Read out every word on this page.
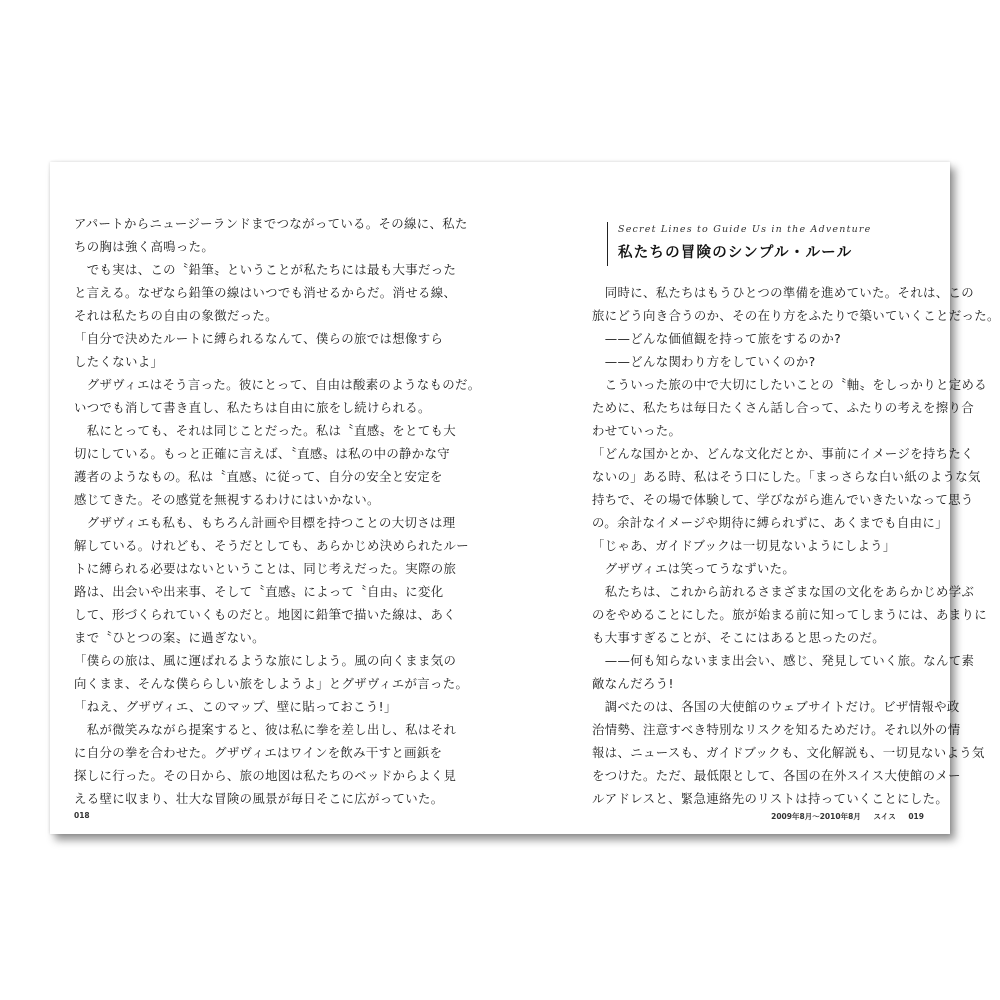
アパートからニュージーランドまでつながっている。その線に、私た
ちの胸は強く高鳴った。
　でも実は、この〝鉛筆〟ということが私たちには最も大事だった
と言える。なぜなら鉛筆の線はいつでも消せるからだ。消せる線、
それは私たちの自由の象徴だった。
「自分で決めたルートに縛られるなんて、僕らの旅では想像すら
したくないよ」
　グザヴィエはそう言った。彼にとって、自由は酸素のようなものだ。
いつでも消して書き直し、私たちは自由に旅をし続けられる。
　私にとっても、それは同じことだった。私は〝直感〟をとても大
切にしている。もっと正確に言えば、〝直感〟は私の中の静かな守
護者のようなもの。私は〝直感〟に従って、自分の安全と安定を
感じてきた。その感覚を無視するわけにはいかない。
　グザヴィエも私も、もちろん計画や目標を持つことの大切さは理
解している。けれども、そうだとしても、あらかじめ決められたルー
トに縛られる必要はないということは、同じ考えだった。実際の旅
路は、出会いや出来事、そして〝直感〟によって〝自由〟に変化
して、形づくられていくものだと。地図に鉛筆で描いた線は、あく
まで〝ひとつの案〟に過ぎない。
「僕らの旅は、風に運ばれるような旅にしよう。風の向くまま気の
向くまま、そんな僕ららしい旅をしようよ」とグザヴィエが言った。
「ねえ、グザヴィエ、このマップ、壁に貼っておこう!」
　私が微笑みながら提案すると、彼は私に拳を差し出し、私はそれ
に自分の拳を合わせた。グザヴィエはワインを飲み干すと画鋲を
探しに行った。その日から、旅の地図は私たちのベッドからよく見
える壁に収まり、壮大な冒険の風景が毎日そこに広がっていた。
018
Secret Lines to Guide Us in the Adventure
私たちの冒険のシンプル・ルール
　同時に、私たちはもうひとつの準備を進めていた。それは、この
旅にどう向き合うのか、その在り方をふたりで築いていくことだった。
　——どんな価値観を持って旅をするのか?
　——どんな関わり方をしていくのか?
　こういった旅の中で大切にしたいことの〝軸〟をしっかりと定める
ために、私たちは毎日たくさん話し合って、ふたりの考えを擦り合
わせていった。
「どんな国かとか、どんな文化だとか、事前にイメージを持ちたく
ないの」ある時、私はそう口にした。「まっさらな白い紙のような気
持ちで、その場で体験して、学びながら進んでいきたいなって思う
の。余計なイメージや期待に縛られずに、あくまでも自由に」
「じゃあ、ガイドブックは一切見ないようにしよう」
　グザヴィエは笑ってうなずいた。
　私たちは、これから訪れるさまざまな国の文化をあらかじめ学ぶ
のをやめることにした。旅が始まる前に知ってしまうには、あまりに
も大事すぎることが、そこにはあると思ったのだ。
　——何も知らないまま出会い、感じ、発見していく旅。なんて素
敵なんだろう!
　調べたのは、各国の大使館のウェブサイトだけ。ビザ情報や政
治情勢、注意すべき特別なリスクを知るためだけ。それ以外の情
報は、ニュースも、ガイドブックも、文化解説も、一切見ないよう気
をつけた。ただ、最低限として、各国の在外スイス大使館のメー
ルアドレスと、緊急連絡先のリストは持っていくことにした。
2009年8月〜2010年8月 スイス 019
